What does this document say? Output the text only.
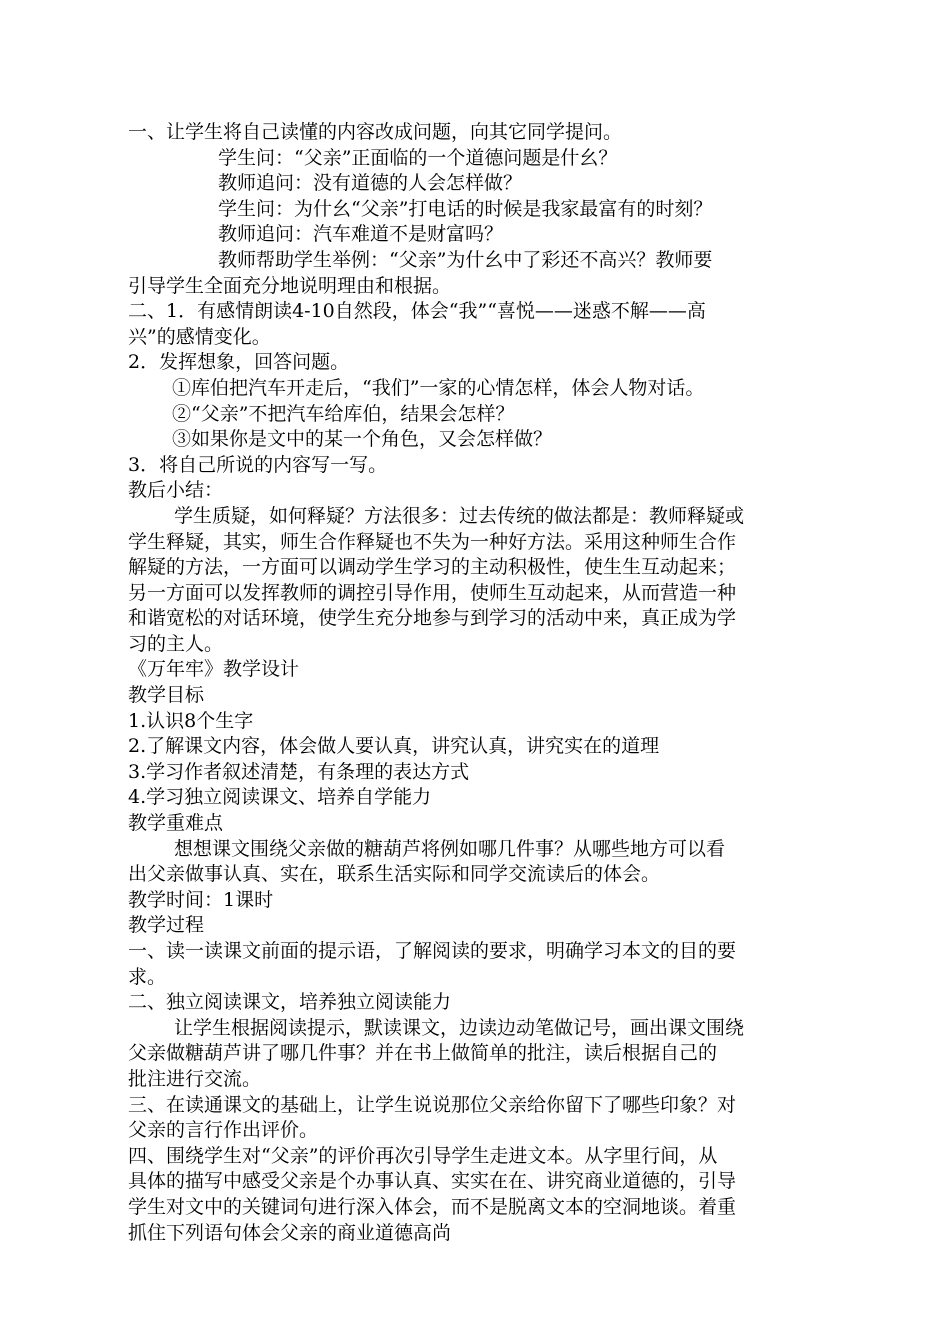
一、让学生将自己读懂的内容改成问题，向其它同学提问。
学生问：“父亲”正面临的一个道德问题是什幺？
教师追问：没有道德的人会怎样做？
学生问：为什幺“父亲”打电话的时候是我家最富有的时刻？
教师追问：汽车难道不是财富吗？
教师帮助学生举例：“父亲”为什幺中了彩还不高兴？教师要
引导学生全面充分地说明理由和根据。
二、1．有感情朗读4-10自然段，体会“我”“喜悦——迷惑不解——高
兴”的感情变化。
2．发挥想象，回答问题。
①库伯把汽车开走后，“我们”一家的心情怎样，体会人物对话。
②“父亲”不把汽车给库伯，结果会怎样？
③如果你是文中的某一个角色，又会怎样做？
3．将自己所说的内容写一写。
教后小结：
学生质疑，如何释疑？方法很多：过去传统的做法都是：教师释疑或
学生释疑，其实，师生合作释疑也不失为一种好方法。采用这种师生合作
解疑的方法，一方面可以调动学生学习的主动积极性，使生生互动起来；
另一方面可以发挥教师的调控引导作用，使师生互动起来，从而营造一种
和谐宽松的对话环境，使学生充分地参与到学习的活动中来，真正成为学
习的主人。
《万年牢》教学设计
教学目标
1.认识8个生字
2.了解课文内容，体会做人要认真，讲究认真，讲究实在的道理
3.学习作者叙述清楚，有条理的表达方式
4.学习独立阅读课文、培养自学能力
教学重难点
想想课文围绕父亲做的糖葫芦将例如哪几件事？从哪些地方可以看
出父亲做事认真、实在，联系生活实际和同学交流读后的体会。
教学时间：1课时
教学过程
一、读一读课文前面的提示语，了解阅读的要求，明确学习本文的目的要
求。
二、独立阅读课文，培养独立阅读能力
让学生根据阅读提示，默读课文，边读边动笔做记号，画出课文围绕
父亲做糖葫芦讲了哪几件事？并在书上做简单的批注，读后根据自己的
批注进行交流。
三、在读通课文的基础上，让学生说说那位父亲给你留下了哪些印象？对
父亲的言行作出评价。
四、围绕学生对“父亲”的评价再次引导学生走进文本。从字里行间，从
具体的描写中感受父亲是个办事认真、实实在在、讲究商业道德的，引导
学生对文中的关键词句进行深入体会，而不是脱离文本的空洞地谈。着重
抓住下列语句体会父亲的商业道德高尚
